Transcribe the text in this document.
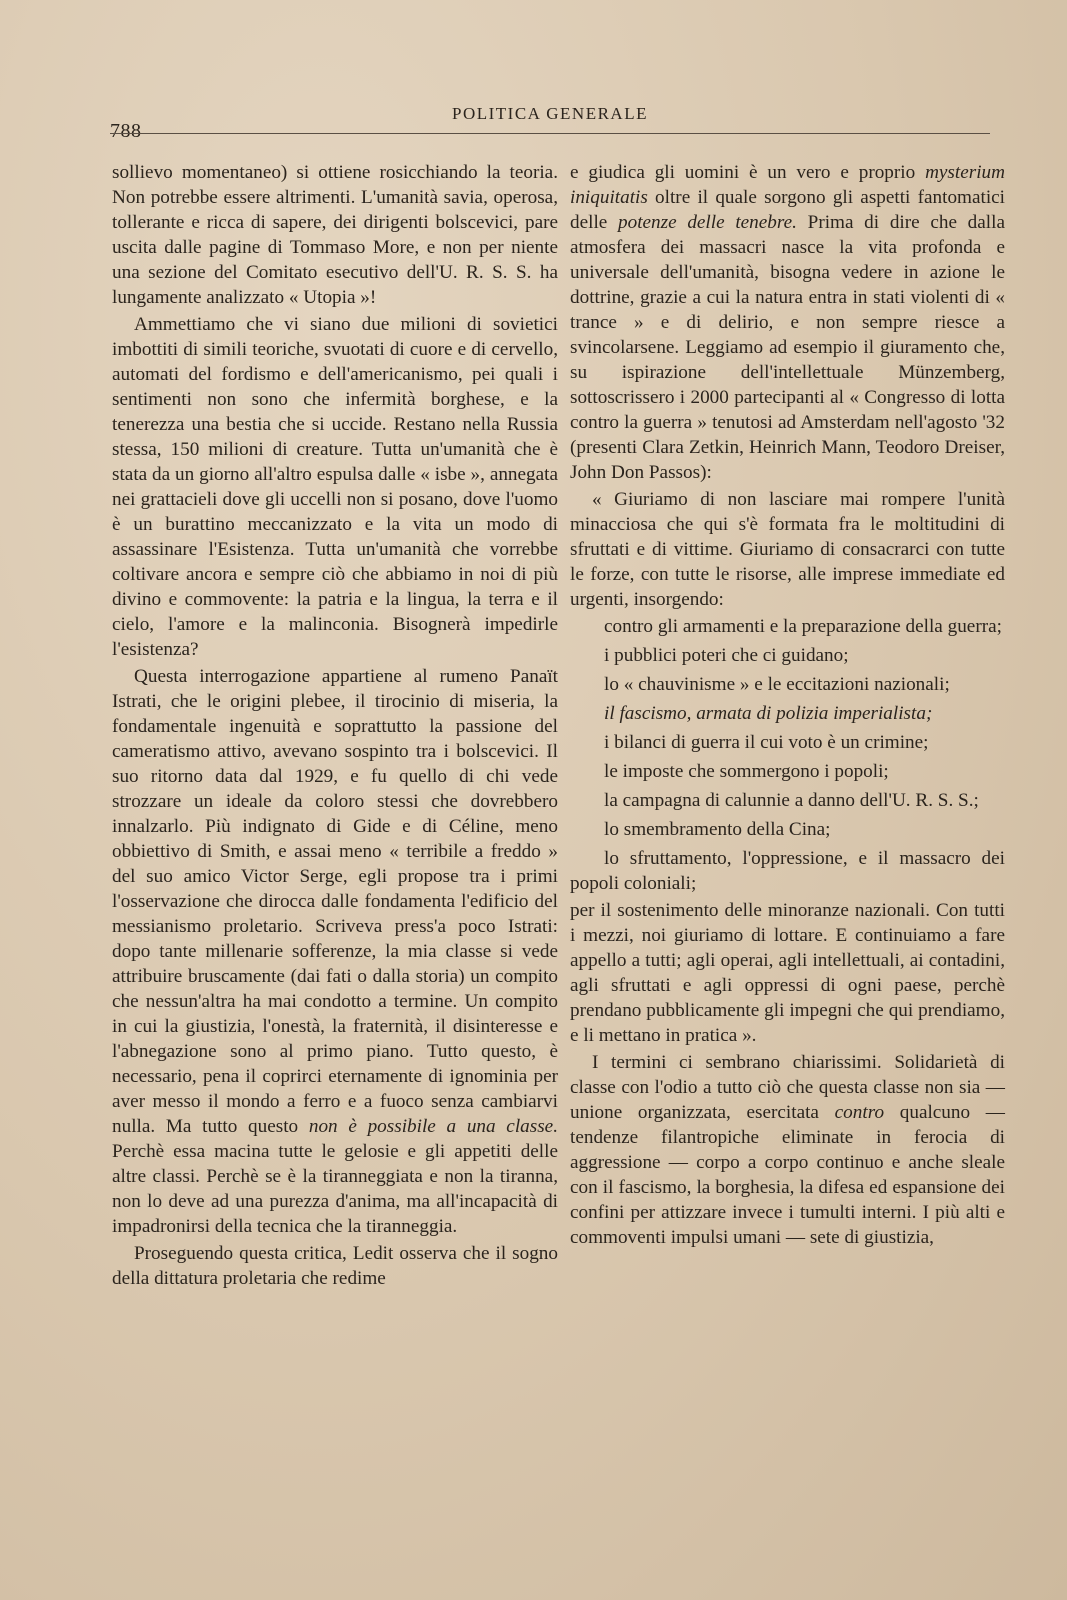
788
POLITICA GENERALE

sollievo momentaneo) si ottiene rosicchiando la teoria. Non potrebbe essere altrimenti. L'umanità savia, operosa, tollerante e ricca di sapere, dei dirigenti bolscevici, pare uscita dalle pagine di Tommaso More, e non per niente una sezione del Comitato esecutivo dell'U. R. S. S. ha lungamente analizzato « Utopia »!

Ammettiamo che vi siano due milioni di sovietici imbottiti di simili teoriche, svuotati di cuore e di cervello, automati del fordismo e dell'americanismo, pei quali i sentimenti non sono che infermità borghese, e la tenerezza una bestia che si uccide. Restano nella Russia stessa, 150 milioni di creature. Tutta un'umanità che è stata da un giorno all'altro espulsa dalle « isbe », annegata nei grattacieli dove gli uccelli non si posano, dove l'uomo è un burattino meccanizzato e la vita un modo di assassinare l'Esistenza. Tutta un'umanità che vorrebbe coltivare ancora e sempre ciò che abbiamo in noi di più divino e commovente: la patria e la lingua, la terra e il cielo, l'amore e la malinconia. Bisognerà impedirle l'esistenza?

Questa interrogazione appartiene al rumeno Panaït Istrati, che le origini plebee, il tirocinio di miseria, la fondamentale ingenuità e soprattutto la passione del cameratismo attivo, avevano sospinto tra i bolscevici. Il suo ritorno data dal 1929, e fu quello di chi vede strozzare un ideale da coloro stessi che dovrebbero innalzarlo. Più indignato di Gide e di Céline, meno obbiettivo di Smith, e assai meno « terribile a freddo » del suo amico Victor Serge, egli propose tra i primi l'osservazione che dirocca dalle fondamenta l'edificio del messianismo proletario. Scriveva press'a poco Istrati: dopo tante millenarie sofferenze, la mia classe si vede attribuire bruscamente (dai fati o dalla storia) un compito che nessun'altra ha mai condotto a termine. Un compito in cui la giustizia, l'onestà, la fraternità, il disinteresse e l'abnegazione sono al primo piano. Tutto questo, è necessario, pena il coprirci eternamente di ignominia per aver messo il mondo a ferro e a fuoco senza cambiarvi nulla. Ma tutto questo non è possibile a una classe. Perchè essa macina tutte le gelosie e gli appetiti delle altre classi. Perchè se è la tiranneggiata e non la tiranna, non lo deve ad una purezza d'anima, ma all'incapacità di impadronirsi della tecnica che la tiranneggia.

Proseguendo questa critica, Ledit osserva che il sogno della dittatura proletaria che redime

e giudica gli uomini è un vero e proprio mysterium iniquitatis oltre il quale sorgono gli aspetti fantomatici delle potenze delle tenebre. Prima di dire che dalla atmosfera dei massacri nasce la vita profonda e universale dell'umanità, bisogna vedere in azione le dottrine, grazie a cui la natura entra in stati violenti di « trance » e di delirio, e non sempre riesce a svincolarsene. Leggiamo ad esempio il giuramento che, su ispirazione dell'intellettuale Münzemberg, sottoscrissero i 2000 partecipanti al « Congresso di lotta contro la guerra » tenutosi ad Amsterdam nell'agosto '32 (presenti Clara Zetkin, Heinrich Mann, Teodoro Dreiser, John Don Passos):

« Giuriamo di non lasciare mai rompere l'unità minacciosa che qui s'è formata fra le moltitudini di sfruttati e di vittime. Giuriamo di consacrarci con tutte le forze, con tutte le risorse, alle imprese immediate ed urgenti, insorgendo:

contro gli armamenti e la preparazione della guerra;

i pubblici poteri che ci guidano;

lo « chauvinisme » e le eccitazioni nazionali;

il fascismo, armata di polizia imperialista;

i bilanci di guerra il cui voto è un crimine;

le imposte che sommergono i popoli;

la campagna di calunnie a danno dell'U. R. S. S.;

lo smembramento della Cina;

lo sfruttamento, l'oppressione, e il massacro dei popoli coloniali;

per il sostenimento delle minoranze nazionali. Con tutti i mezzi, noi giuriamo di lottare. E continuiamo a fare appello a tutti; agli operai, agli intellettuali, ai contadini, agli sfruttati e agli oppressi di ogni paese, perchè prendano pubblicamente gli impegni che qui prendiamo, e li mettano in pratica ».

I termini ci sembrano chiarissimi. Solidarietà di classe con l'odio a tutto ciò che questa classe non sia — unione organizzata, esercitata contro qualcuno — tendenze filantropiche eliminate in ferocia di aggressione — corpo a corpo continuo e anche sleale con il fascismo, la borghesia, la difesa ed espansione dei confini per attizzare invece i tumulti interni. I più alti e commoventi impulsi umani — sete di giustizia,
